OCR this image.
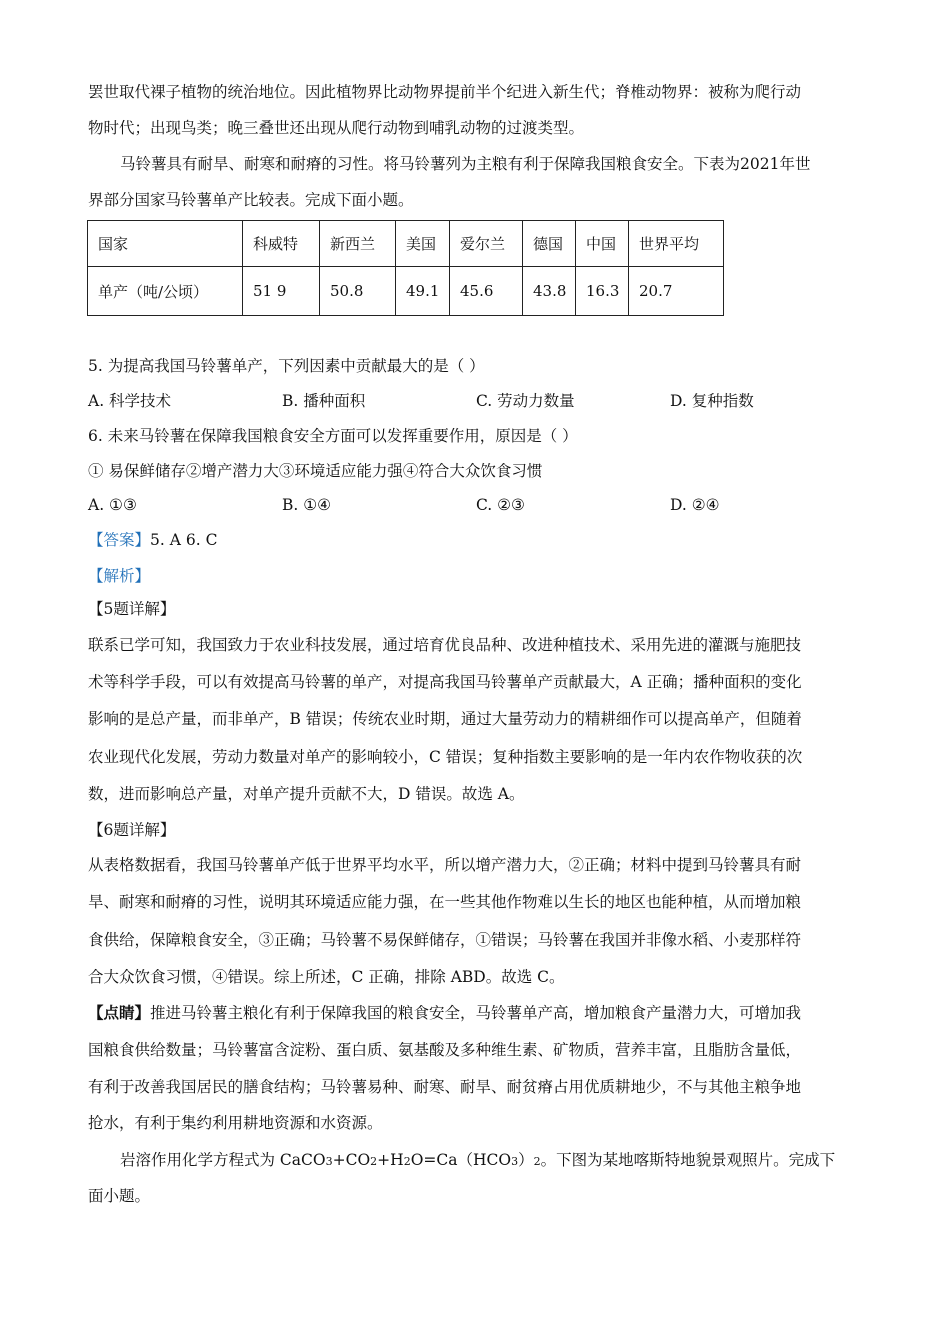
罢世取代裸子植物的统治地位。因此植物界比动物界提前半个纪进入新生代；脊椎动物界：被称为爬行动
物时代；出现鸟类；晚三叠世还出现从爬行动物到哺乳动物的过渡类型。
马铃薯具有耐旱、耐寒和耐瘠的习性。将马铃薯列为主粮有利于保障我国粮食安全。下表为2021年世
界部分国家马铃薯单产比较表。完成下面小题。
国家	科威特	新西兰	美国	爱尔兰	德国	中国	世界平均
单产（吨/公顷）	51 9	50.8	49.1	45.6	43.8	16.3	20.7
5. 为提高我国马铃薯单产，下列因素中贡献最大的是（ ）
A. 科学技术	B. 播种面积	C. 劳动力数量	D. 复种指数
6. 未来马铃薯在保障我国粮食安全方面可以发挥重要作用，原因是（ ）
① 易保鲜储存②增产潜力大③环境适应能力强④符合大众饮食习惯
A. ①③	B. ①④	C. ②③	D. ②④
【答案】5. A 6. C
【解析】
【5题详解】
联系已学可知，我国致力于农业科技发展，通过培育优良品种、改进种植技术、采用先进的灌溉与施肥技
术等科学手段，可以有效提高马铃薯的单产，对提高我国马铃薯单产贡献最大，A 正确；播种面积的变化
影响的是总产量，而非单产，B 错误；传统农业时期，通过大量劳动力的精耕细作可以提高单产，但随着
农业现代化发展，劳动力数量对单产的影响较小，C 错误；复种指数主要影响的是一年内农作物收获的次
数，进而影响总产量，对单产提升贡献不大，D 错误。故选 A。
【6题详解】
从表格数据看，我国马铃薯单产低于世界平均水平，所以增产潜力大，②正确；材料中提到马铃薯具有耐
旱、耐寒和耐瘠的习性，说明其环境适应能力强，在一些其他作物难以生长的地区也能种植，从而增加粮
食供给，保障粮食安全，③正确；马铃薯不易保鲜储存，①错误；马铃薯在我国并非像水稻、小麦那样符
合大众饮食习惯，④错误。综上所述，C 正确，排除 ABD。故选 C。
【点睛】推进马铃薯主粮化有利于保障我国的粮食安全，马铃薯单产高，增加粮食产量潜力大，可增加我
国粮食供给数量；马铃薯富含淀粉、蛋白质、氨基酸及多种维生素、矿物质，营养丰富，且脂肪含量低，
有利于改善我国居民的膳食结构；马铃薯易种、耐寒、耐旱、耐贫瘠占用优质耕地少，不与其他主粮争地
抢水，有利于集约利用耕地资源和水资源。
岩溶作用化学方程式为 CaCO3+CO2+H2O=Ca（HCO3）2。下图为某地喀斯特地貌景观照片。完成下
面小题。
